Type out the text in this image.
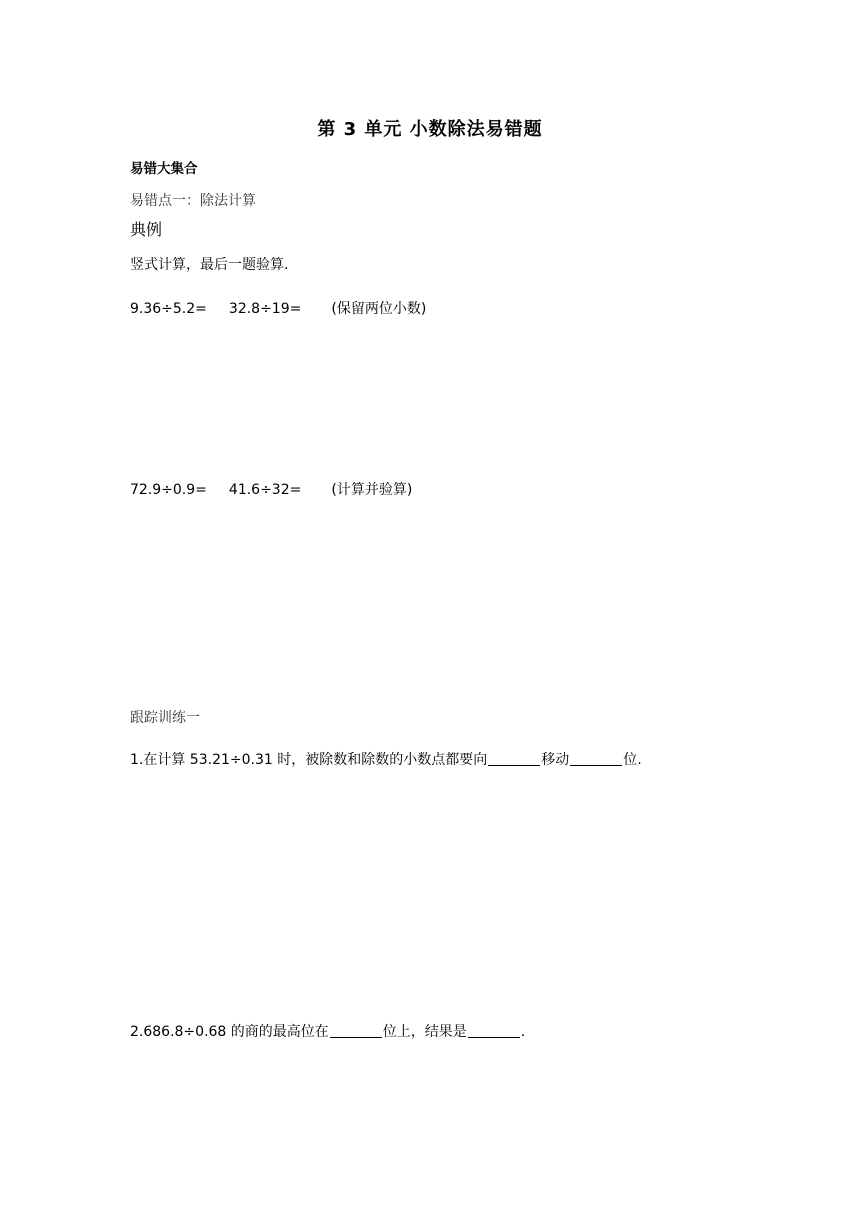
第 3 单元 小数除法易错题
易错大集合
易错点一：除法计算
典例
竖式计算，最后一题验算.
9.36÷5.2= 32.8÷19= (保留两位小数)
72.9÷0.9= 41.6÷32= (计算并验算)
跟踪训练一
1.在计算 53.21÷0.31 时，被除数和除数的小数点都要向	移动	位.
2.686.8÷0.68 的商的最高位在	位上，结果是	.
